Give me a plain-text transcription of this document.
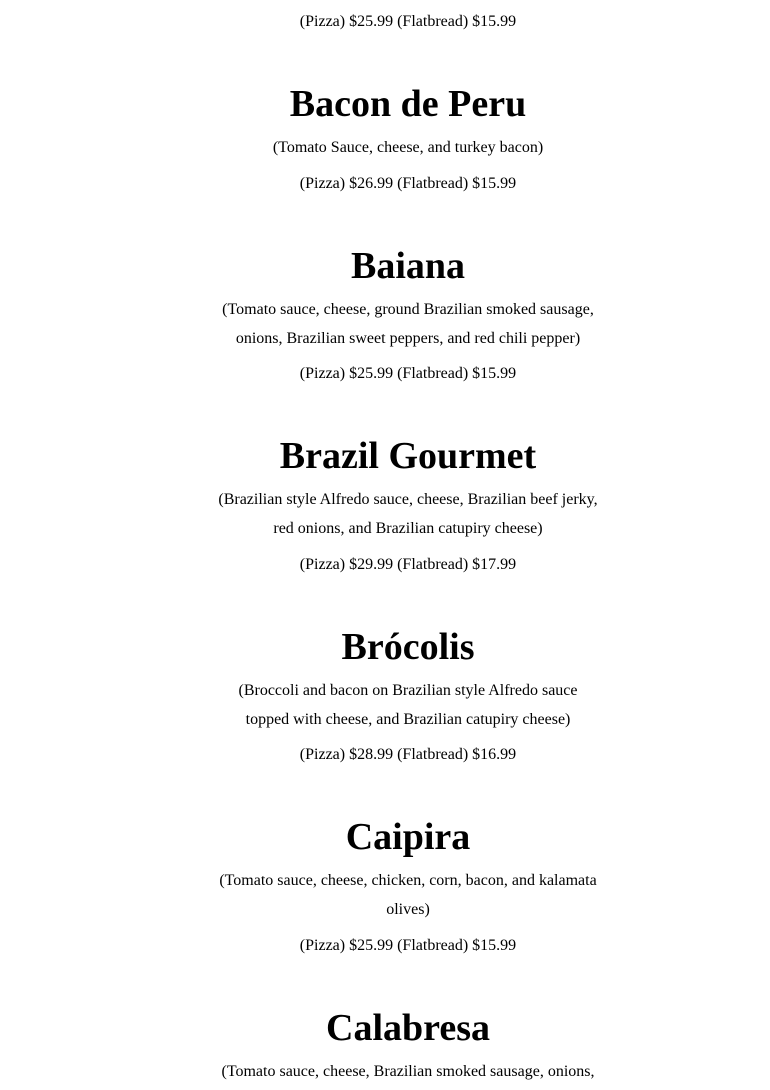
(Pizza) $25.99 (Flatbread) $15.99
Bacon de Peru
(Tomato Sauce, cheese, and turkey bacon)
(Pizza) $26.99 (Flatbread) $15.99
Baiana
(Tomato sauce, cheese, ground Brazilian smoked sausage,
onions, Brazilian sweet peppers, and red chili pepper)
(Pizza) $25.99 (Flatbread) $15.99
Brazil Gourmet
(Brazilian style Alfredo sauce, cheese, Brazilian beef jerky,
red onions, and Brazilian catupiry cheese)
(Pizza) $29.99 (Flatbread) $17.99
Brócolis
(Broccoli and bacon on Brazilian style Alfredo sauce
topped with cheese, and Brazilian catupiry cheese)
(Pizza) $28.99 (Flatbread) $16.99
Caipira
(Tomato sauce, cheese, chicken, corn, bacon, and kalamata
olives)
(Pizza) $25.99 (Flatbread) $15.99
Calabresa
(Tomato sauce, cheese, Brazilian smoked sausage, onions,
